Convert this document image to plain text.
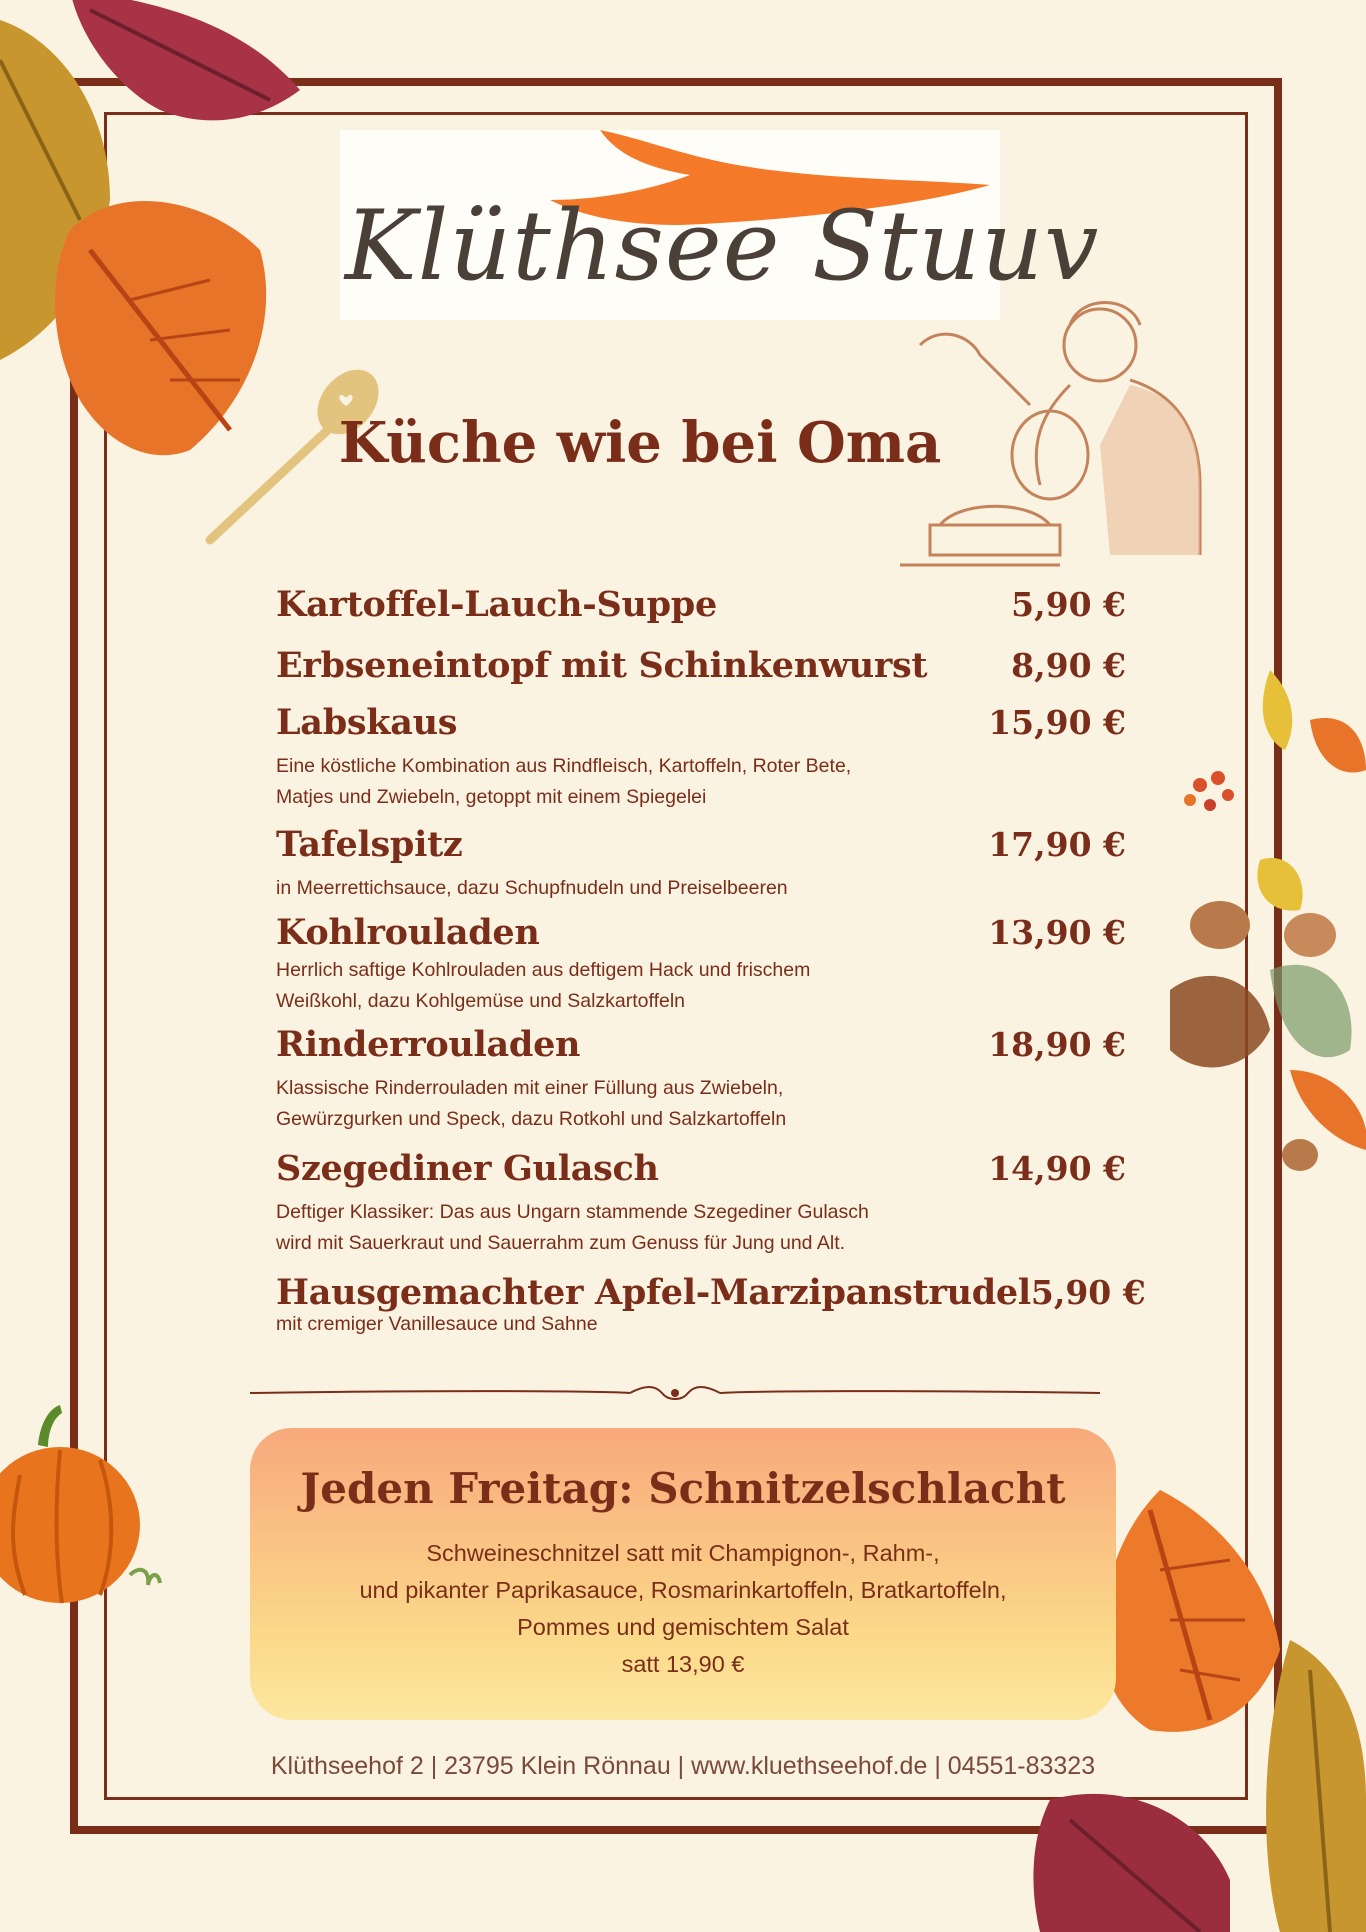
Klüthsee Stuuv
Küche wie bei Oma
Kartoffel-Lauch-Suppe	5,90 €
Erbseneintopf mit Schinkenwurst	8,90 €
Labskaus	15,90 €
Eine köstliche Kombination aus Rindfleisch, Kartoffeln, Roter Bete,
Matjes und Zwiebeln, getoppt mit einem Spiegelei
Tafelspitz	17,90 €
in Meerrettichsauce, dazu Schupfnudeln und Preiselbeeren
Kohlrouladen	13,90 €
Herrlich saftige Kohlrouladen aus deftigem Hack und frischem
Weißkohl, dazu Kohlgemüse und Salzkartoffeln
Rinderrouladen	18,90 €
Klassische Rinderrouladen mit einer Füllung aus Zwiebeln,
Gewürzgurken und Speck, dazu Rotkohl und Salzkartoffeln
Szegediner Gulasch	14,90 €
Deftiger Klassiker: Das aus Ungarn stammende Szegediner Gulasch
wird mit Sauerkraut und Sauerrahm zum Genuss für Jung und Alt.
Hausgemachter Apfel-Marzipanstrudel 5,90 €
mit cremiger Vanillesauce und Sahne
Jeden Freitag: Schnitzelschlacht
Schweineschnitzel satt mit Champignon-, Rahm-,
und pikanter Paprikasauce, Rosmarinkartoffeln, Bratkartoffeln,
Pommes und gemischtem Salat
satt 13,90 €
Klüthseehof 2 | 23795 Klein Rönnau | www.kluethseehof.de | 04551-83323
